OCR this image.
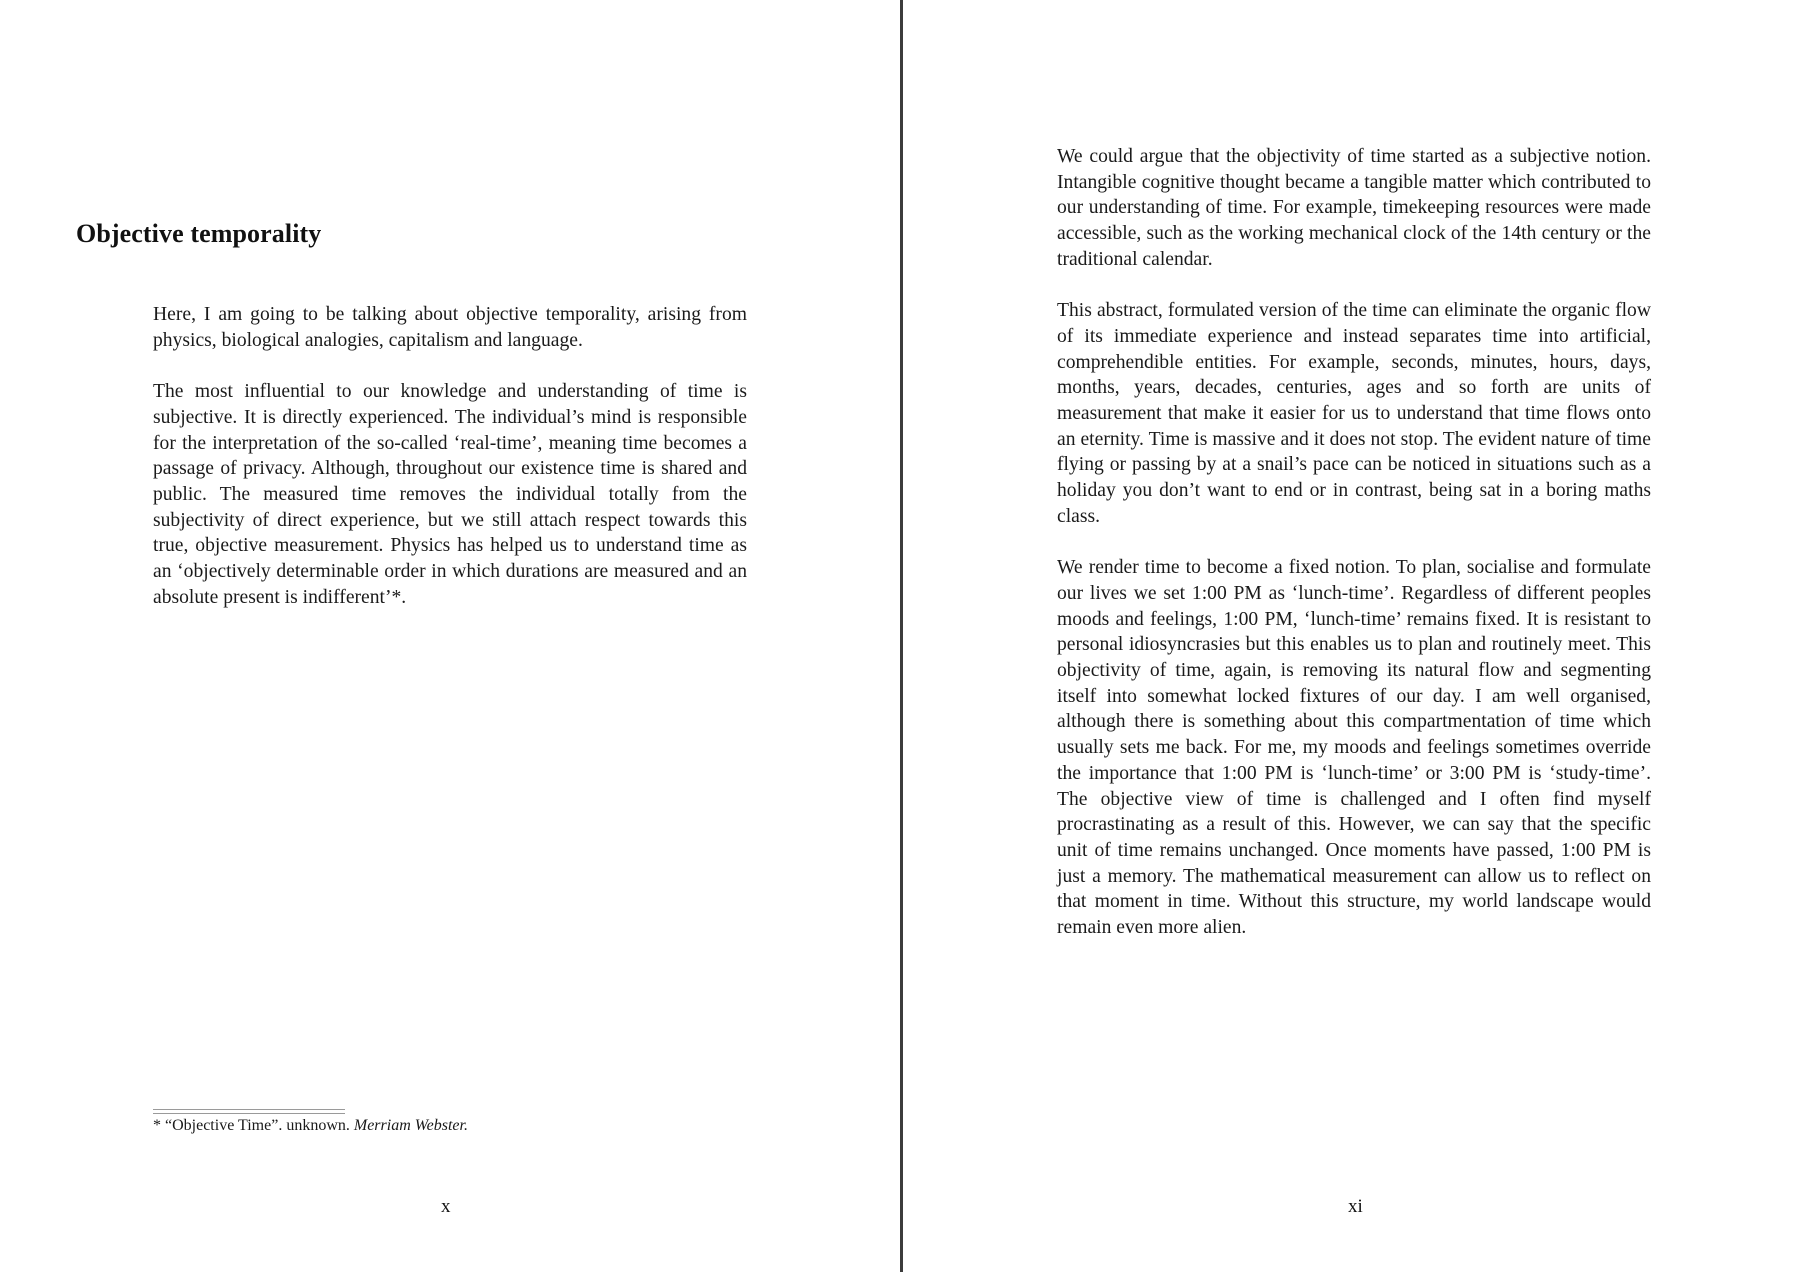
Objective temporality

Here, I am going to be talking about objective temporality, arising from physics, biological analogies, capitalism and language.

The most influential to our knowledge and understanding of time is subjective. It is directly experienced. The individual’s mind is responsible for the interpretation of the so-called ‘real-time’, meaning time becomes a passage of privacy. Although, throughout our existence time is shared and public. The measured time removes the individual totally from the subjectivity of direct experience, but we still attach respect towards this true, objective measurement. Physics has helped us to understand time as an ‘objectively determinable order in which durations are measured and an absolute present is indifferent’*.

* “Objective Time”. unknown. Merriam Webster.
x

We could argue that the objectivity of time started as a subjective notion. Intangible cognitive thought became a tangible matter which contributed to our understanding of time. For example, timekeeping resources were made accessible, such as the working mechanical clock of the 14th century or the traditional calendar.

This abstract, formulated version of the time can eliminate the organic flow of its immediate experience and instead separates time into artificial, comprehendible entities. For example, seconds, minutes, hours, days, months, years, decades, centuries, ages and so forth are units of measurement that make it easier for us to understand that time flows onto an eternity. Time is massive and it does not stop. The evident nature of time flying or passing by at a snail’s pace can be noticed in situations such as a holiday you don’t want to end or in contrast, being sat in a boring maths class.

We render time to become a fixed notion. To plan, socialise and formulate our lives we set 1:00 PM as ‘lunch-time’. Regardless of different peoples moods and feelings, 1:00 PM, ‘lunch-time’ remains fixed. It is resistant to personal idiosyncrasies but this enables us to plan and routinely meet. This objectivity of time, again, is removing its natural flow and segmenting itself into somewhat locked fixtures of our day. I am well organised, although there is something about this compartmentation of time which usually sets me back. For me, my moods and feelings sometimes override the importance that 1:00 PM is ‘lunch-time’ or 3:00 PM is ‘study-time’. The objective view of time is challenged and I often find myself procrastinating as a result of this. However, we can say that the specific unit of time remains unchanged. Once moments have passed, 1:00 PM is just a memory. The mathematical measurement can allow us to reflect on that moment in time. Without this structure, my world landscape would remain even more alien.

xi
